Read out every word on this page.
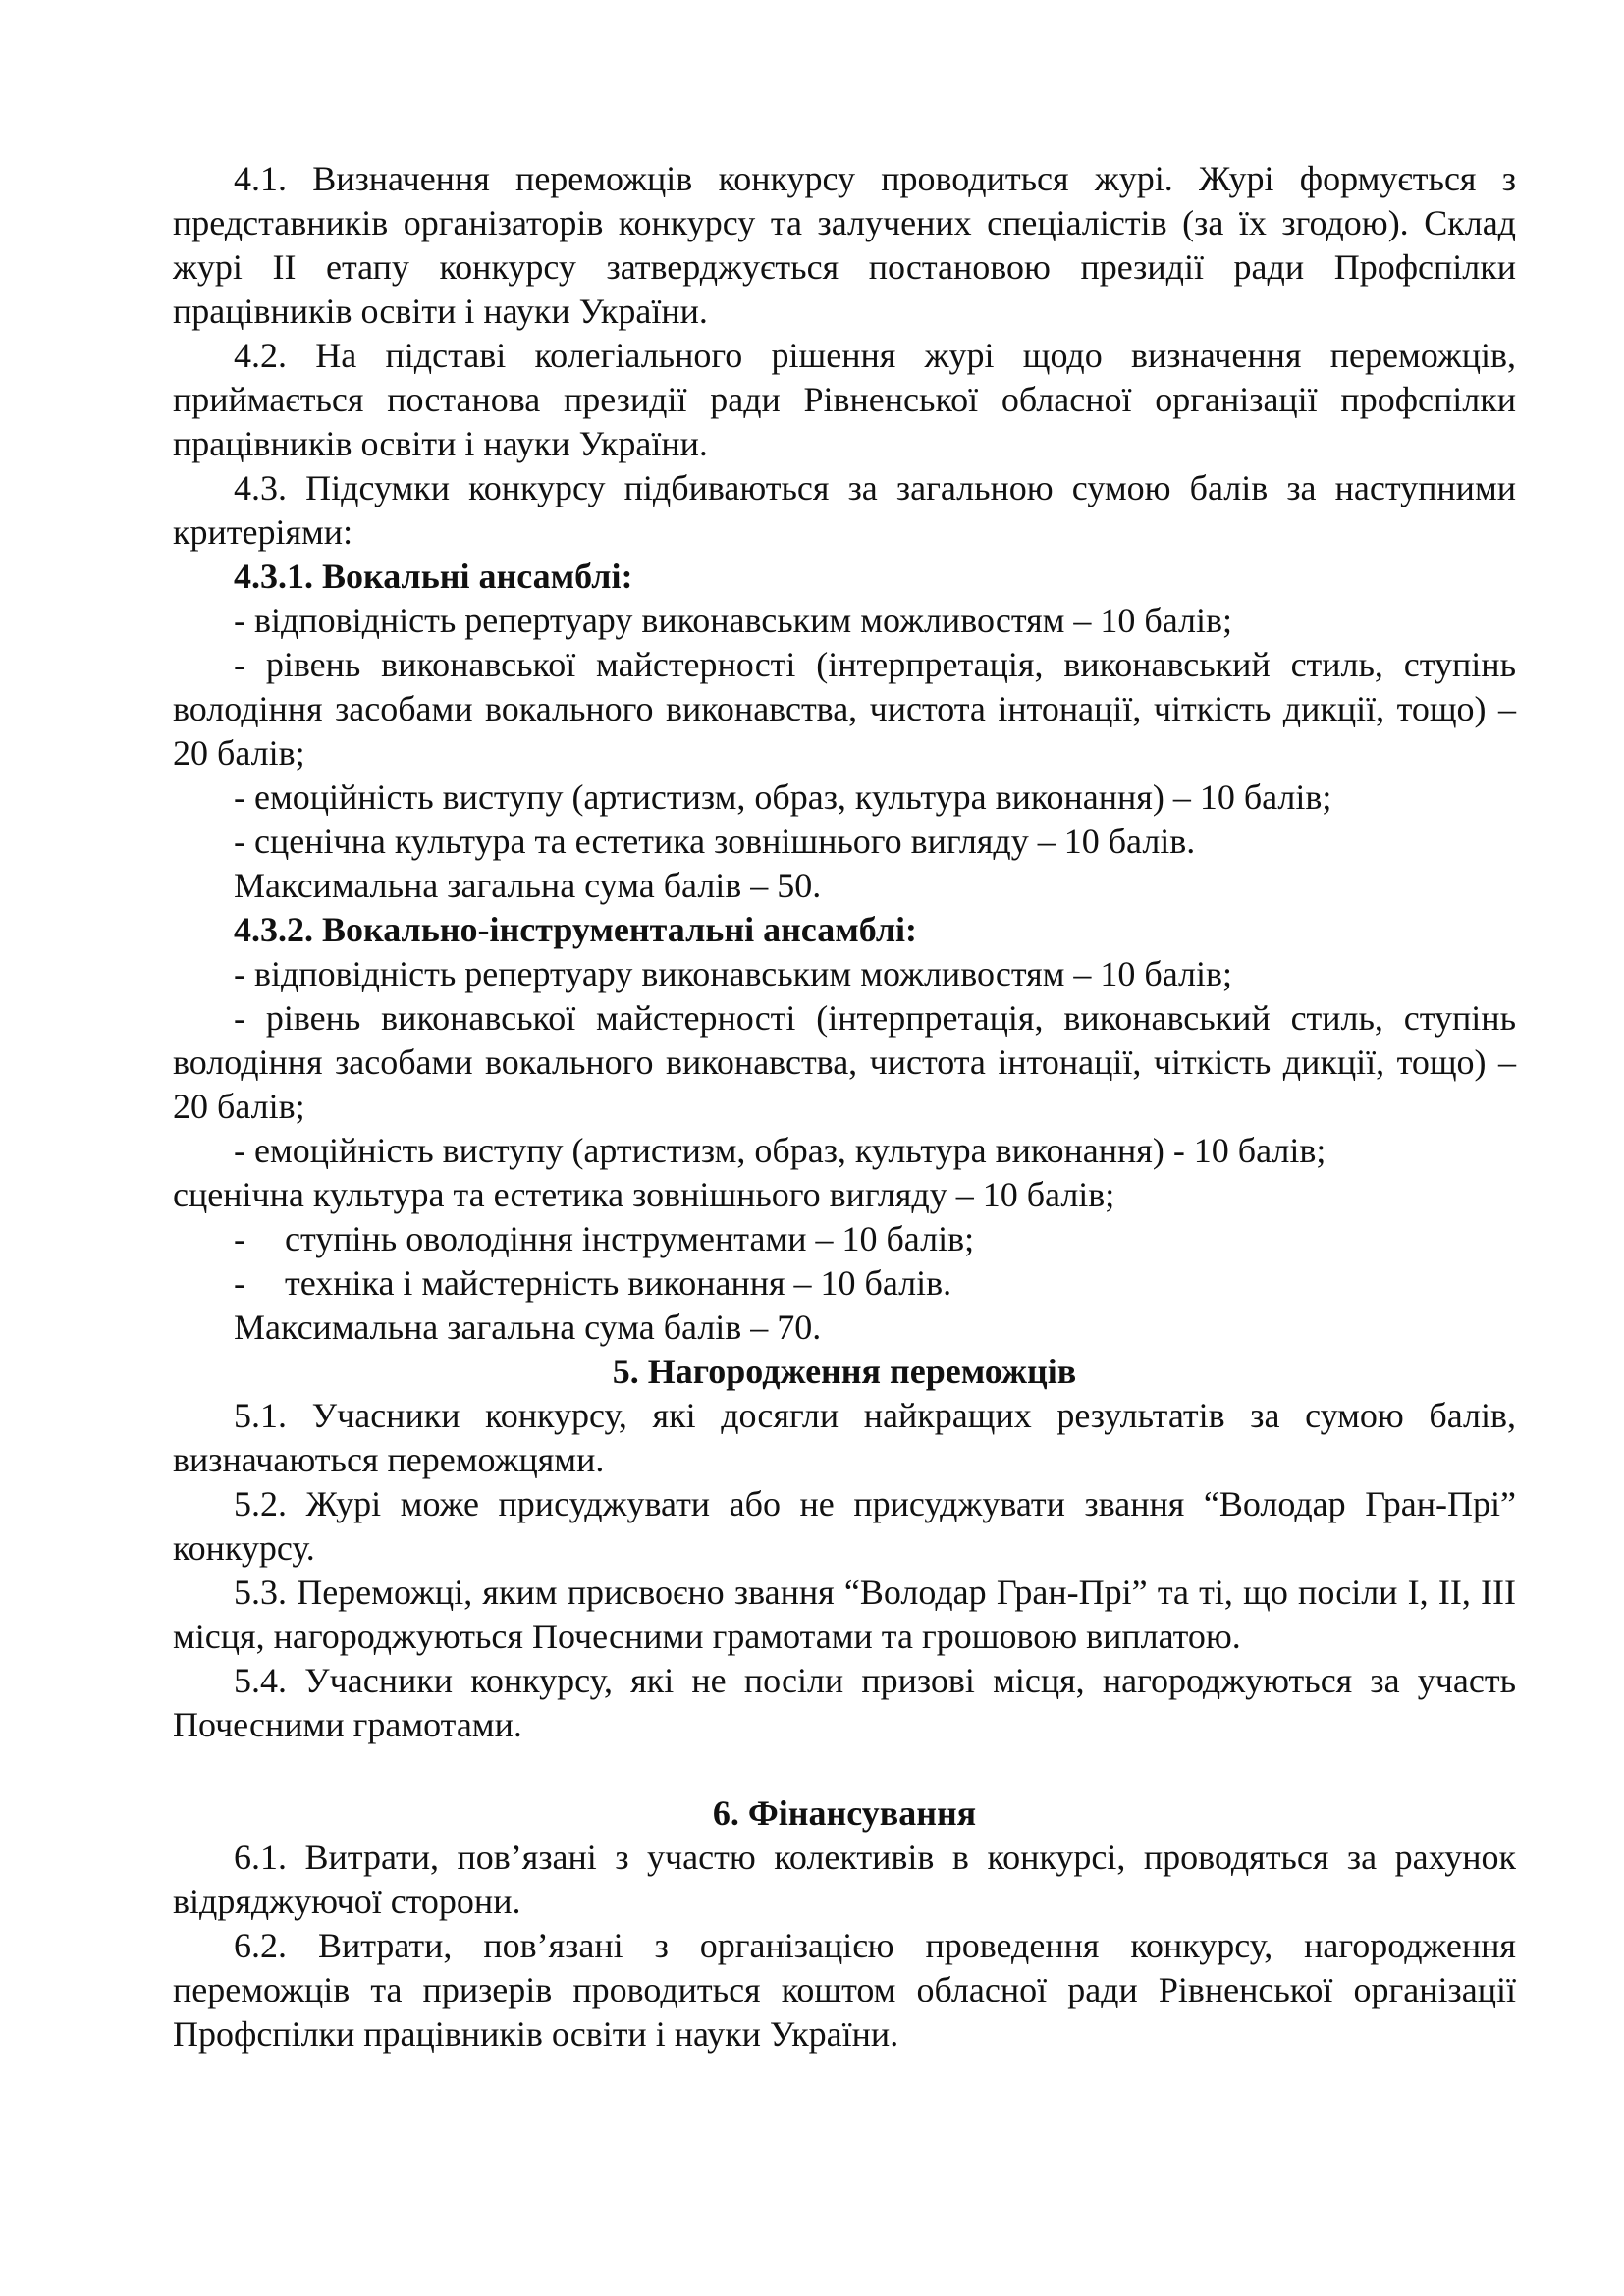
4.1. Визначення переможців конкурсу проводиться журі. Журі формується з представників організаторів конкурсу та залучених спеціалістів (за їх згодою). Склад журі ІІ етапу конкурсу затверджується постановою президії ради Профспілки працівників освіти і науки України.

4.2. На підставі колегіального рішення журі щодо визначення переможців, приймається постанова президії ради Рівненської обласної організації профспілки працівників освіти і науки України.

4.3. Підсумки конкурсу підбиваються за загальною сумою балів за наступними критеріями:

4.3.1. Вокальні ансамблі:

- відповідність репертуару виконавським можливостям – 10 балів;

- рівень виконавської майстерності (інтерпретація, виконавський стиль, ступінь володіння засобами вокального виконавства, чистота інтонації, чіткість дикції, тощо) – 20 балів;

- емоційність виступу (артистизм, образ, культура виконання) – 10 балів;

- сценічна культура та естетика зовнішнього вигляду – 10 балів.

Максимальна загальна сума балів – 50.

4.3.2. Вокально-інструментальні ансамблі:

- відповідність репертуару виконавським можливостям – 10 балів;

- рівень виконавської майстерності (інтерпретація, виконавський стиль, ступінь володіння засобами вокального виконавства, чистота інтонації, чіткість дикції, тощо) – 20 балів;

- емоційність виступу (артистизм, образ, культура виконання) - 10 балів;

сценічна культура та естетика зовнішнього вигляду – 10 балів;

-	ступінь оволодіння інструментами – 10 балів;
-	техніка і майстерність виконання – 10 балів.

Максимальна загальна сума балів – 70.

5. Нагородження переможців

5.1. Учасники конкурсу, які досягли найкращих результатів за сумою балів, визначаються переможцями.

5.2. Журі може присуджувати або не присуджувати звання “Володар Гран-Прі” конкурсу.

5.3. Переможці, яким присвоєно звання “Володар Гран-Прі” та ті, що посіли І, ІІ, ІІІ місця, нагороджуються Почесними грамотами та грошовою виплатою.

5.4. Учасники конкурсу, які не посіли призові місця, нагороджуються за участь Почесними грамотами.

6. Фінансування

6.1. Витрати, пов’язані з участю колективів в конкурсі, проводяться за рахунок відряджуючої сторони.

6.2. Витрати, пов’язані з організацією проведення конкурсу, нагородження переможців та призерів проводиться коштом обласної ради Рівненської організації Профспілки працівників освіти і науки України.
